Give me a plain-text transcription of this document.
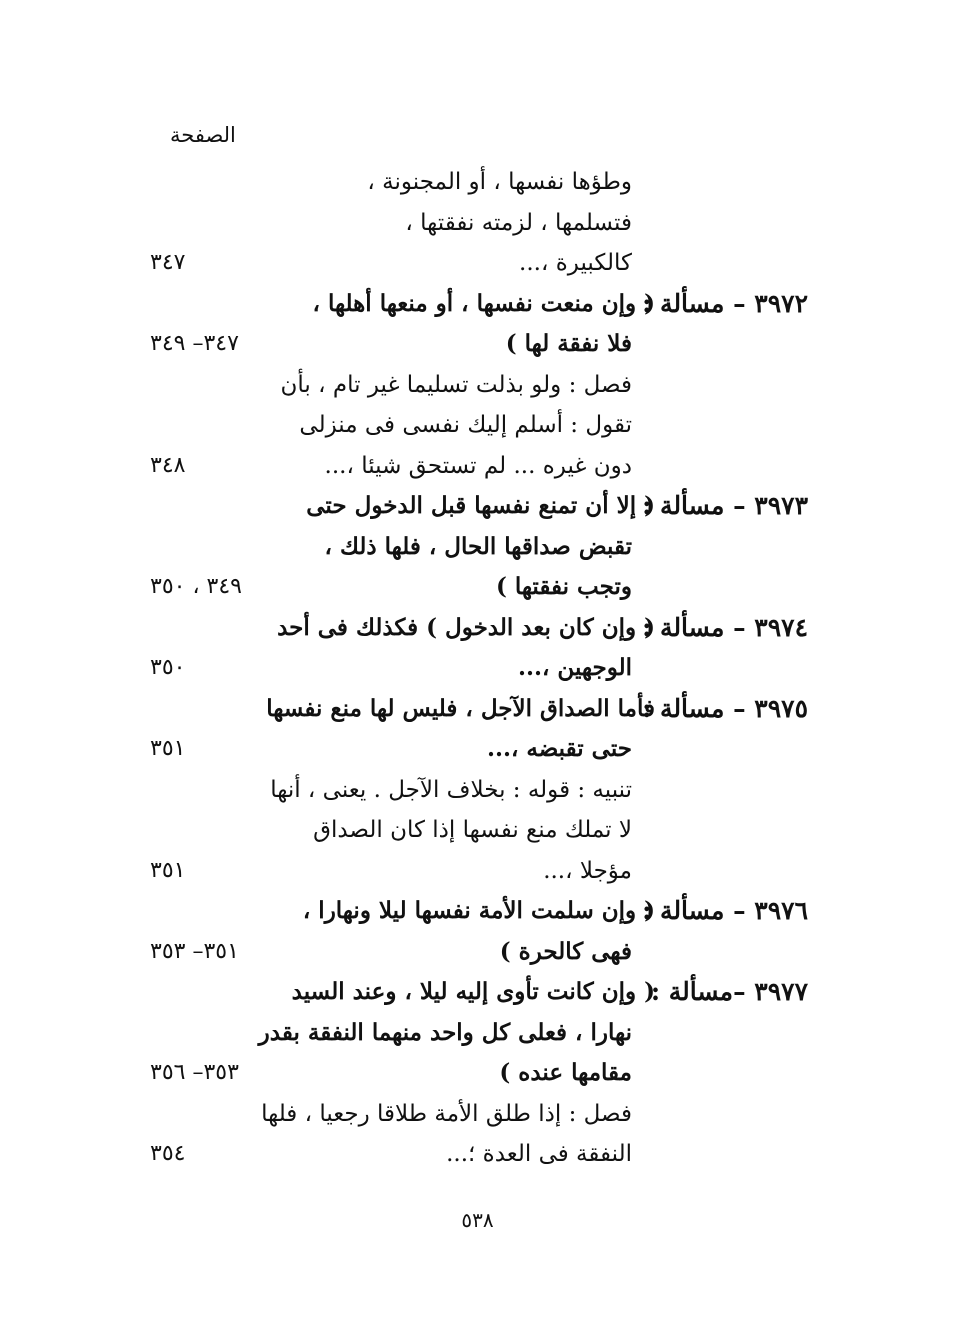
الصفحة
وطؤها نفسها ، أو المجنونة ،
فتسلمها ، لزمته نفقتها ،
كالكبيرة ،...
٣٤٧
٣٩٧٢ – مسألة :
( وإن منعت نفسها ، أو منعها أهلها ،
فلا نفقة لها )
٣٤٧– ٣٤٩
فصل : ولو بذلت تسليما غير تام ، بأن
تقول : أسلم إليك نفسى فى منزلى
دون غيره ... لم تستحق شيئا ،...
٣٤٨
٣٩٧٣ – مسألة :
( إلا أن تمنع نفسها قبل الدخول حتى
تقبض صداقها الحال ، فلها ذلك ،
وتجب نفقتها )
٣٤٩ ، ٣٥٠
٣٩٧٤ – مسألة :
( وإن كان بعد الدخول ) فكذلك فى أحد
الوجهين ،...
٣٥٠
٣٩٧٥ – مسألة :
فأما الصداق الآجل ، فليس لها منع نفسها
حتى تقبضه ،...
٣٥١
تنبيه : قوله : بخلاف الآجل . يعنى ، أنها
لا تملك منع نفسها إذا كان الصداق
مؤجلا ،...
٣٥١
٣٩٧٦ – مسألة :
( وإن سلمت الأمة نفسها ليلا ونهارا ،
فهى كالحرة )
٣٥١– ٣٥٣
٣٩٧٧ –مسألة :
( وإن كانت تأوى إليه ليلا ، وعند السيد
نهارا ، فعلى كل واحد منهما النفقة بقدر
مقامها عنده )
٣٥٣– ٣٥٦
فصل : إذا طلق الأمة طلاقا رجعيا ، فلها
النفقة فى العدة ؛...
٣٥٤
٥٣٨
